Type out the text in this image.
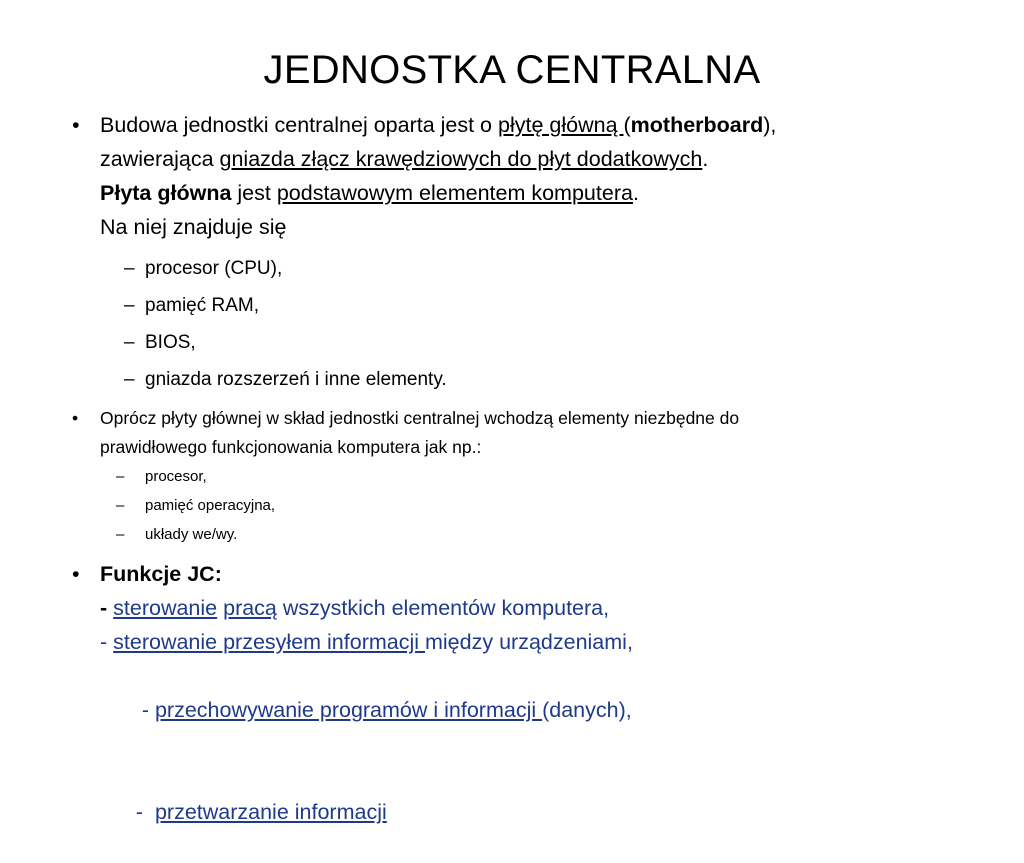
JEDNOSTKA CENTRALNA
• Budowa jednostki centralnej oparta jest o płytę główną (motherboard),
zawierająca gniazda złącz krawędziowych do płyt dodatkowych.
Płyta główna jest podstawowym elementem komputera.
Na niej znajduje się
– procesor (CPU),
– pamięć RAM,
– BIOS,
– gniazda rozszerzeń i inne elementy.
• Oprócz płyty głównej w skład jednostki centralnej wchodzą elementy niezbędne do
prawidłowego funkcjonowania komputera jak np.:
– procesor,
– pamięć operacyjna,
– układy we/wy.
• Funkcje JC:
- sterowanie pracą wszystkich elementów komputera,
- sterowanie przesyłem informacji między urządzeniami,

- przechowywanie programów i informacji (danych),

-  przetwarzanie informacji
